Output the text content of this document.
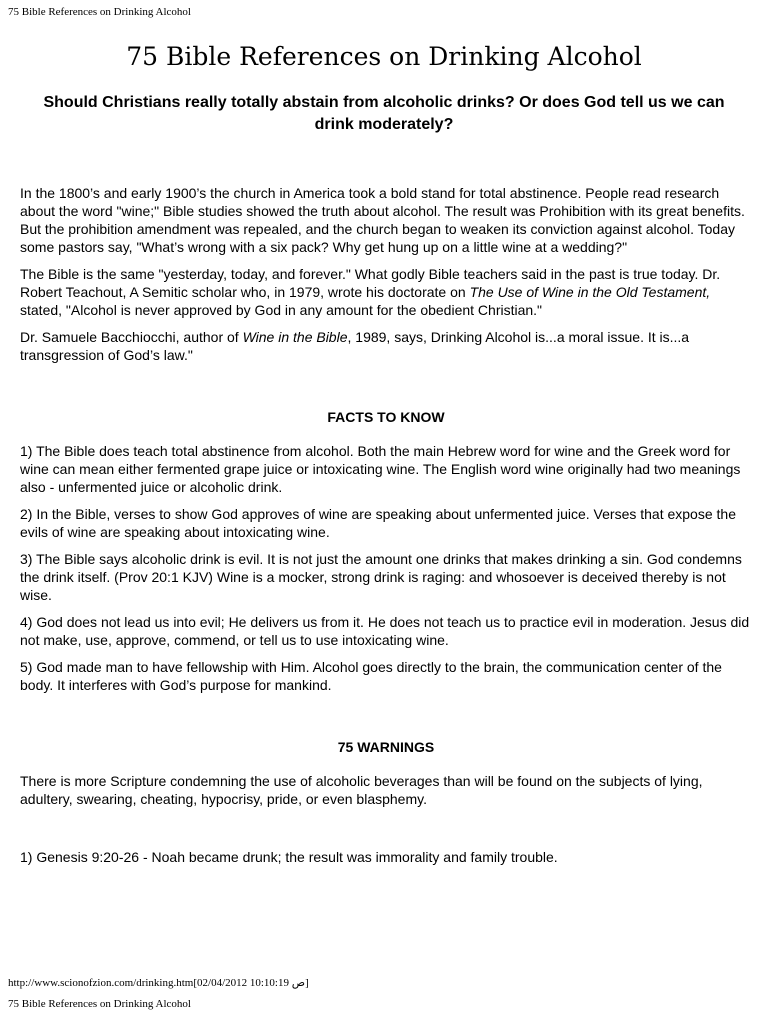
75 Bible References on Drinking Alcohol
75 Bible References on Drinking Alcohol

Should Christians really totally abstain from alcoholic drinks? Or does God tell us we can drink moderately?

In the 1800’s and early 1900’s the church in America took a bold stand for total abstinence. People read research about the word "wine;" Bible studies showed the truth about alcohol. The result was Prohibition with its great benefits. But the prohibition amendment was repealed, and the church began to weaken its conviction against alcohol. Today some pastors say, "What’s wrong with a six pack? Why get hung up on a little wine at a wedding?"

The Bible is the same "yesterday, today, and forever." What godly Bible teachers said in the past is true today. Dr. Robert Teachout, A Semitic scholar who, in 1979, wrote his doctorate on The Use of Wine in the Old Testament, stated, "Alcohol is never approved by God in any amount for the obedient Christian."

Dr. Samuele Bacchiocchi, author of Wine in the Bible, 1989, says, Drinking Alcohol is...a moral issue. It is...a transgression of God’s law."

FACTS TO KNOW

1) The Bible does teach total abstinence from alcohol. Both the main Hebrew word for wine and the Greek word for wine can mean either fermented grape juice or intoxicating wine. The English word wine originally had two meanings also - unfermented juice or alcoholic drink.

2) In the Bible, verses to show God approves of wine are speaking about unfermented juice. Verses that expose the evils of wine are speaking about intoxicating wine.

3) The Bible says alcoholic drink is evil. It is not just the amount one drinks that makes drinking a sin. God condemns the drink itself. (Prov 20:1 KJV) Wine is a mocker, strong drink is raging: and whosoever is deceived thereby is not wise.

4) God does not lead us into evil; He delivers us from it. He does not teach us to practice evil in moderation. Jesus did not make, use, approve, commend, or tell us to use intoxicating wine.

5) God made man to have fellowship with Him. Alcohol goes directly to the brain, the communication center of the body. It interferes with God’s purpose for mankind.

75 WARNINGS

There is more Scripture condemning the use of alcoholic beverages than will be found on the subjects of lying, adultery, swearing, cheating, hypocrisy, pride, or even blasphemy.

1) Genesis 9:20-26 - Noah became drunk; the result was immorality and family trouble.

http://www.scionofzion.com/drinking.htm[02/04/2012 10:10:19 ص]
75 Bible References on Drinking Alcohol
